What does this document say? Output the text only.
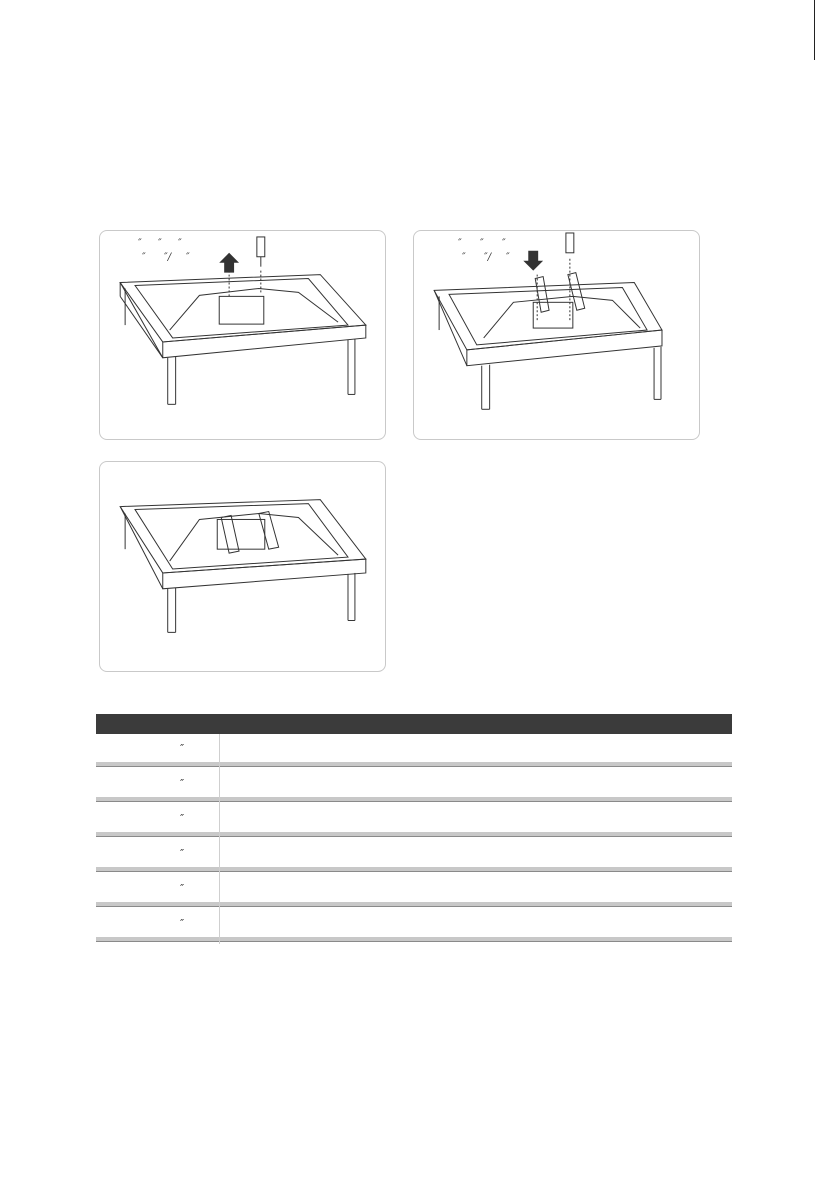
″ ″ ″
″ ″/ ″
″ ″ ″
″ ″/ ″
″
″
″
″
″
″
